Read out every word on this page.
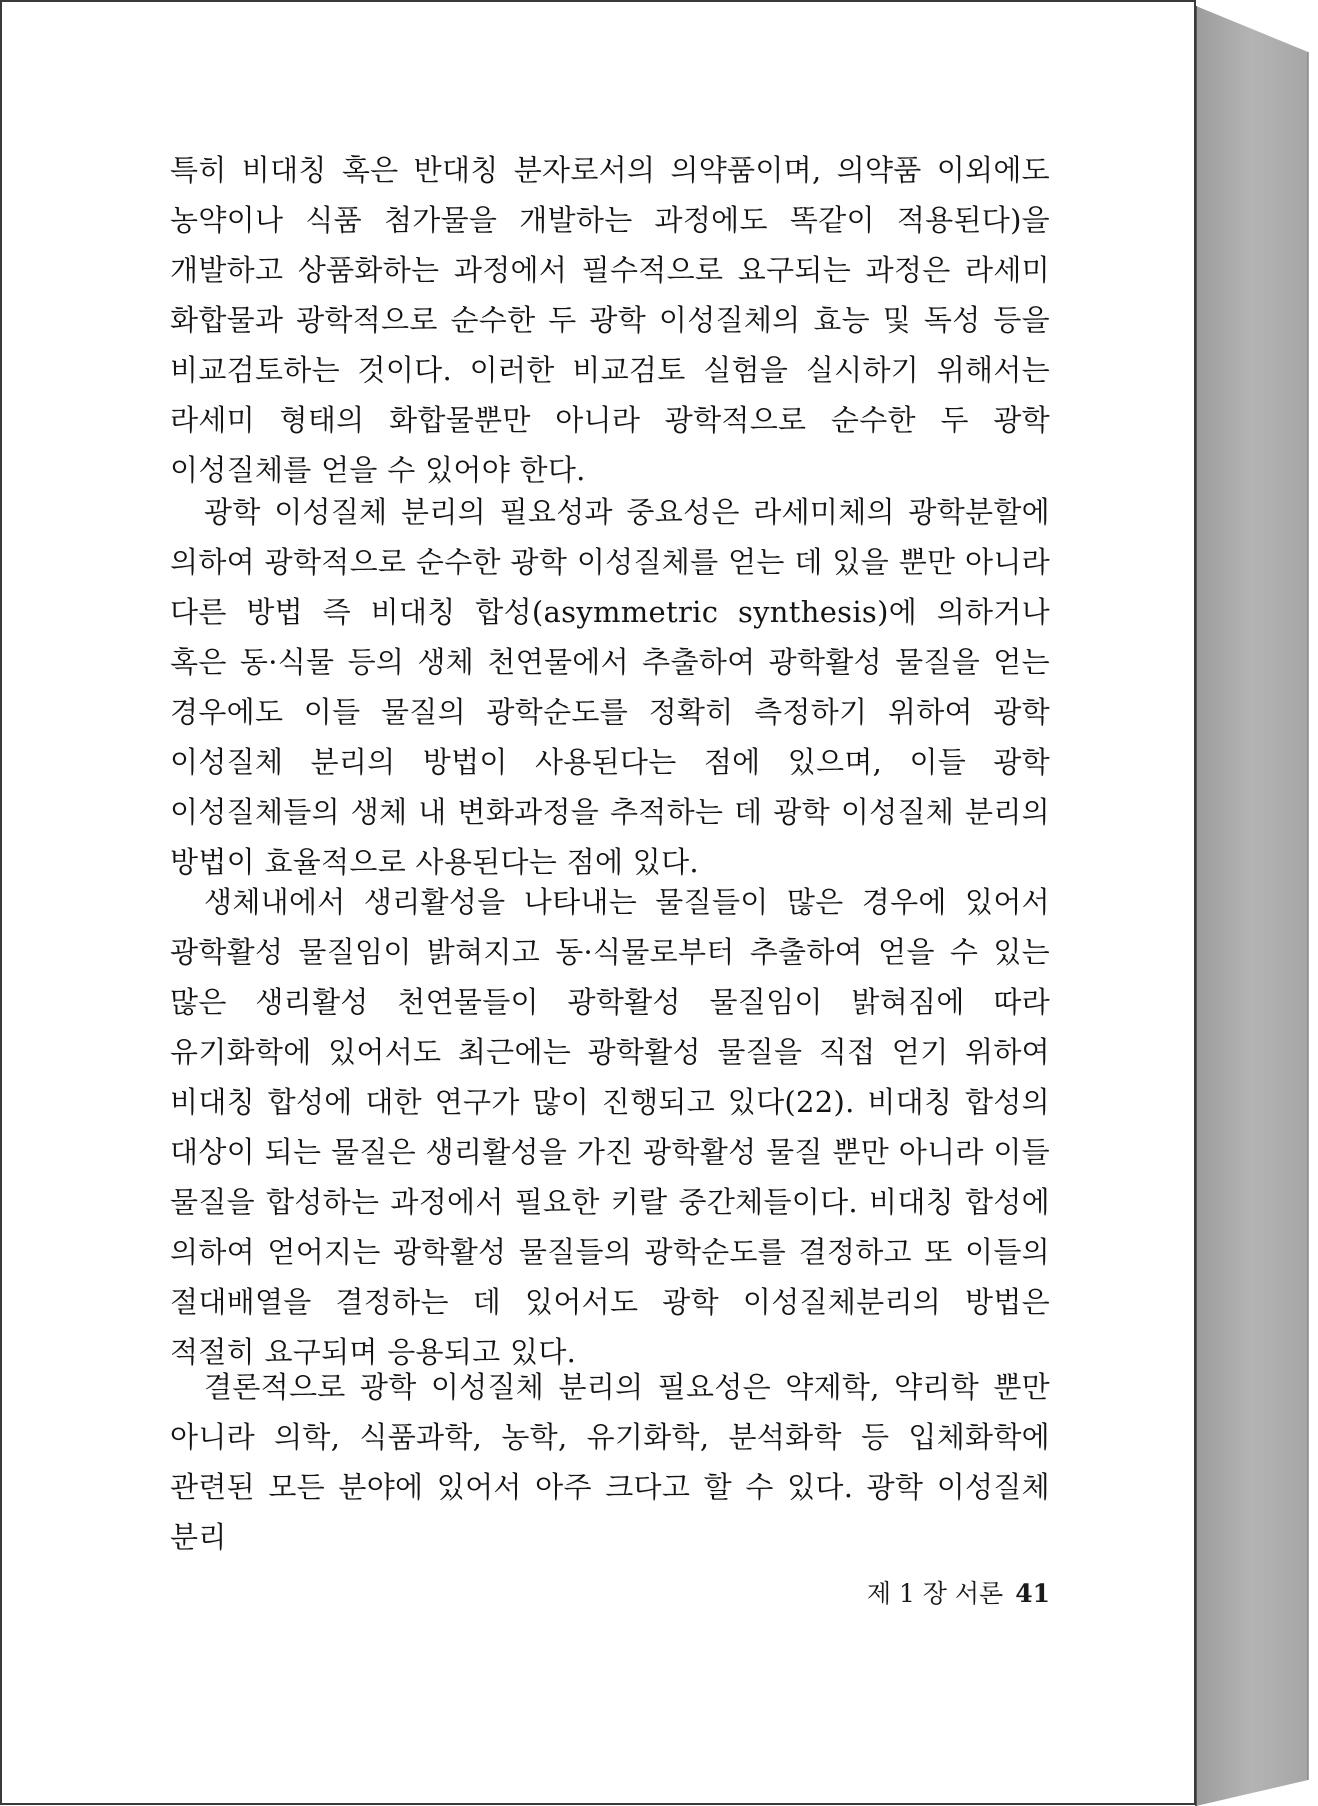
특히 비대칭 혹은 반대칭 분자로서의 의약품이며, 의약품 이외에도 농약이나 식품 첨가물을 개발하는 과정에도 똑같이 적용된다)을 개발하고 상품화하는 과정에서 필수적으로 요구되는 과정은 라세미 화합물과 광학적으로 순수한 두 광학 이성질체의 효능 및 독성 등을 비교검토하는 것이다. 이러한 비교검토 실험을 실시하기 위해서는 라세미 형태의 화합물뿐만 아니라 광학적으로 순수한 두 광학 이성질체를 얻을 수 있어야 한다.

광학 이성질체 분리의 필요성과 중요성은 라세미체의 광학분할에 의하여 광학적으로 순수한 광학 이성질체를 얻는 데 있을 뿐만 아니라 다른 방법 즉 비대칭 합성(asymmetric synthesis)에 의하거나 혹은 동·식물 등의 생체 천연물에서 추출하여 광학활성 물질을 얻는 경우에도 이들 물질의 광학순도를 정확히 측정하기 위하여 광학 이성질체 분리의 방법이 사용된다는 점에 있으며, 이들 광학 이성질체들의 생체 내 변화과정을 추적하는 데 광학 이성질체 분리의 방법이 효율적으로 사용된다는 점에 있다.

생체내에서 생리활성을 나타내는 물질들이 많은 경우에 있어서 광학활성 물질임이 밝혀지고 동·식물로부터 추출하여 얻을 수 있는 많은 생리활성 천연물들이 광학활성 물질임이 밝혀짐에 따라 유기화학에 있어서도 최근에는 광학활성 물질을 직접 얻기 위하여 비대칭 합성에 대한 연구가 많이 진행되고 있다(22). 비대칭 합성의 대상이 되는 물질은 생리활성을 가진 광학활성 물질 뿐만 아니라 이들 물질을 합성하는 과정에서 필요한 키랄 중간체들이다. 비대칭 합성에 의하여 얻어지는 광학활성 물질들의 광학순도를 결정하고 또 이들의 절대배열을 결정하는 데 있어서도 광학 이성질체분리의 방법은 적절히 요구되며 응용되고 있다.

결론적으로 광학 이성질체 분리의 필요성은 약제학, 약리학 뿐만 아니라 의학, 식품과학, 농학, 유기화학, 분석화학 등 입체화학에 관련된 모든 분야에 있어서 아주 크다고 할 수 있다. 광학 이성질체 분리

제 1 장 서론 41
